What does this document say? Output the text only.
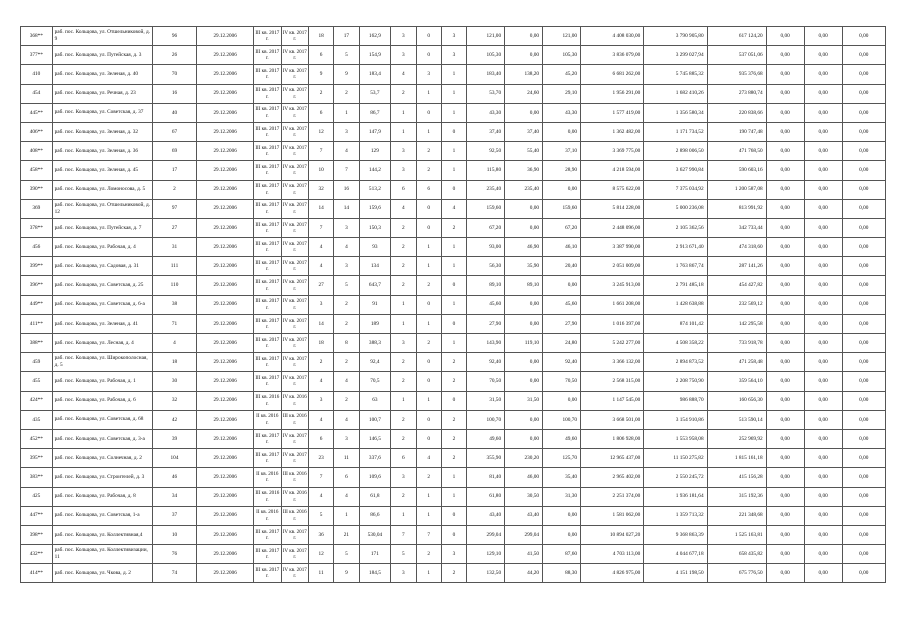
368**	раб. пос. Кольцова, ул. Отшельниковой, д. 9	96	29.12.2006	III кв. 2017 г.	IV кв. 2017 г.	18	17	162,9	3	0	3	121,00	0,00	121,00	4 408 030,00	3 790 905,80	617 124,20	0,00	0,00	0,00
377**	раб. пос. Кольцова, ул. Путейская, д. 3	26	29.12.2006	III кв. 2017 г.	IV кв. 2017 г.	6	5	154,9	3	0	3	105,30	0,00	105,30	3 836 079,00	3 299 027,94	537 051,06	0,00	0,00	0,00
410	раб. пос. Кольцова, ул. Зеленая, д. 40	70	29.12.2006	III кв. 2017 г.	IV кв. 2017 г.	9	9	183,4	4	3	1	183,40	138,20	45,20	6 681 262,00	5 745 885,32	935 376,68	0,00	0,00	0,00
454	раб. пос. Кольцова, ул. Речная, д. 23	16	29.12.2006	III кв. 2017 г.	IV кв. 2017 г.	2	2	53,7	2	1	1	53,70	24,60	29,10	1 956 291,00	1 682 410,26	273 880,74	0,00	0,00	0,00
445**	раб. пос. Кольцова, ул. Советская, д. 37	40	29.12.2006	III кв. 2017 г.	IV кв. 2017 г.	6	1	86,7	1	0	1	43,30	0,00	43,30	1 577 419,00	1 356 580,34	220 838,66	0,00	0,00	0,00
406**	раб. пос. Кольцова, ул. Зеленая, д. 32	67	29.12.2006	III кв. 2017 г.	IV кв. 2017 г.	12	3	147,9	1	1	0	37,40	37,40	0,00	1 362 482,00	1 171 734,52	190 747,48	0,00	0,00	0,00
408**	раб. пос. Кольцова, ул. Зеленая, д. 36	69	29.12.2006	III кв. 2017 г.	IV кв. 2017 г.	7	4	129	3	2	1	92,50	55,40	37,10	3 369 775,00	2 898 006,50	471 768,50	0,00	0,00	0,00
458**	раб. пос. Кольцова, ул. Зеленая, д. 45	17	29.12.2006	III кв. 2017 г.	IV кв. 2017 г.	10	7	144,2	3	2	1	115,80	36,90	28,90	4 218 594,00	3 627 990,84	590 603,16	0,00	0,00	0,00
390**	раб. пос. Кольцова, ул. Ломоносова, д. 5	2	29.12.2006	III кв. 2017 г.	IV кв. 2017 г.	32	16	513,2	6	6	0	235,40	235,40	0,00	8 575 622,00	7 375 034,92	1 200 587,08	0,00	0,00	0,00
369	раб. пос. Кольцова, ул. Отшельниковой, д. 12	97	29.12.2006	III кв. 2017 г.	IV кв. 2017 г.	14	14	159,6	4	0	4	159,60	0,00	159,60	5 814 228,00	5 000 236,08	813 991,92	0,00	0,00	0,00
378**	раб. пос. Кольцова, ул. Путейская, д. 7	27	29.12.2006	III кв. 2017 г.	IV кв. 2017 г.	7	3	150,3	2	0	2	67,20	0,00	67,20	2 448 096,00	2 105 362,56	342 733,44	0,00	0,00	0,00
456	раб. пос. Кольцова, ул. Рабочая, д. 4	31	29.12.2006	III кв. 2017 г.	IV кв. 2017 г.	4	4	93	2	1	1	93,00	46,90	46,10	3 387 990,00	2 913 671,40	474 318,60	0,00	0,00	0,00
399**	раб. пос. Кольцова, ул. Садовая, д. 31	111	29.12.2006	III кв. 2017 г.	IV кв. 2017 г.	4	3	134	2	1	1	56,30	35,90	20,40	2 051 009,00	1 763 867,74	287 141,26	0,00	0,00	0,00
396**	раб. пос. Кольцова, ул. Советская, д. 25	110	29.12.2006	III кв. 2017 г.	IV кв. 2017 г.	27	5	643,7	2	2	0	89,10	89,10	0,00	3 245 913,00	2 791 485,18	454 427,82	0,00	0,00	0,00
449**	раб. пос. Кольцова, ул. Советская, д. 6-а	38	29.12.2006	III кв. 2017 г.	IV кв. 2017 г.	3	2	91	1	0	1	45,60	0,00	45,60	1 661 208,00	1 428 638,88	232 569,12	0,00	0,00	0,00
411**	раб. пос. Кольцова, ул. Зеленая, д. 41	71	29.12.2006	III кв. 2017 г.	IV кв. 2017 г.	14	2	189	1	1	0	27,90	0,00	27,90	1 016 397,00	874 101,42	142 295,58	0,00	0,00	0,00
388**	раб. пос. Кольцова, ул. Лесная, д. 4	4	29.12.2006	III кв. 2017 г.	IV кв. 2017 г.	18	8	388,3	3	2	1	143,90	119,10	24,80	5 242 277,00	4 508 358,22	733 918,78	0,00	0,00	0,00
459	раб. пос. Кольцова, ул. Широкополосная, д. 5	18	29.12.2006	III кв. 2017 г.	IV кв. 2017 г.	2	2	92,4	2	0	2	92,40	0,00	92,40	3 366 132,00	2 894 873,52	471 258,48	0,00	0,00	0,00
455	раб. пос. Кольцова, ул. Рабочая, д. 1	30	29.12.2006	III кв. 2017 г.	IV кв. 2017 г.	4	4	70,5	2	0	2	70,50	0,00	70,50	2 568 315,00	2 208 750,90	359 564,10	0,00	0,00	0,00
424**	раб. пос. Кольцова, ул. Рабочая, д. 6	32	29.12.2006	III кв. 2016 г.	IV кв. 2016 г.	3	2	63	1	1	0	31,50	31,50	0,00	1 147 545,00	986 888,70	160 656,30	0,00	0,00	0,00
435	раб. пос. Кольцова, ул. Советская, д. 68	42	29.12.2006	II кв. 2016 г.	III кв. 2016 г.	4	4	100,7	2	0	2	100,70	0,00	100,70	3 668 501,00	3 154 910,86	513 590,14	0,00	0,00	0,00
452**	раб. пос. Кольцова, ул. Советская, д. 3-а	39	29.12.2006	III кв. 2017 г.	IV кв. 2017 г.	6	3	146,5	2	0	2	49,60	0,00	49,60	1 806 928,00	1 553 958,08	252 969,92	0,00	0,00	0,00
395**	раб. пос. Кольцова, ул. Солнечная, д. 2	104	29.12.2006	III кв. 2017 г.	IV кв. 2017 г.	23	11	337,6	6	4	2	355,90	230,20	125,70	12 965 437,00	11 150 275,82	1 815 161,18	0,00	0,00	0,00
383**	раб. пос. Кольцова, ул. Строителей, д. 3	46	29.12.2006	II кв. 2016 г.	III кв. 2016 г.	7	6	109,6	3	2	1	81,40	46,00	35,40	2 965 402,00	2 550 245,72	415 156,28	0,00	0,00	0,00
425	раб. пос. Кольцова, ул. Рабочая, д. 8	34	29.12.2006	III кв. 2016 г.	IV кв. 2016 г.	4	4	61,8	2	1	1	61,80	30,50	31,30	2 251 374,00	1 936 181,64	315 192,36	0,00	0,00	0,00
447**	раб. пос. Кольцова, ул. Советская, 1-а	37	29.12.2006	II кв. 2016 г.	III кв. 2016 г.	5	1	86,6	1	1	0	43,40	43,40	0,00	1 581 062,00	1 359 713,32	221 348,68	0,00	0,00	0,00
398**	раб. пос. Кольцова, ул. Коллективная,4	10	29.12.2006	III кв. 2017 г.	IV кв. 2017 г.	36	21	530,04	7	7	0	299,04	299,04	0,00	10 894 027,20	9 368 863,39	1 525 163,81	0,00	0,00	0,00
432**	раб. пос. Кольцова, ул. Коллективизации, 11	76	29.12.2006	III кв. 2017 г.	IV кв. 2017 г.	12	5	171	5	2	3	129,10	41,50	87,60	4 703 113,00	4 044 677,18	658 435,82	0,00	0,00	0,00
414**	раб. пос. Кольцова, ул. Чкова, д. 2	74	29.12.2006	III кв. 2017 г.	IV кв. 2017 г.	11	9	184,5	3	1	2	132,50	44,20	88,30	4 826 975,00	4 151 198,50	675 776,50	0,00	0,00	0,00
